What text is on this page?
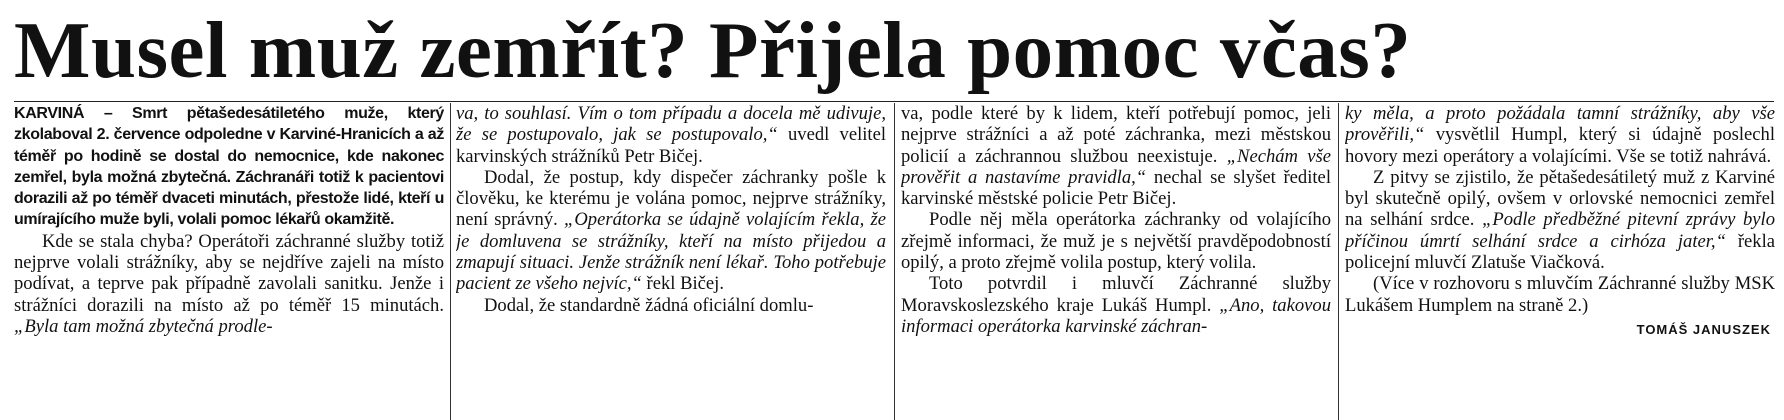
Musel muž zemřít? Přijela pomoc včas?

KARVINÁ – Smrt pětašedesátiletého muže, který zkolaboval 2. července odpoledne v Karviné-Hranicích a až téměř po hodině se dostal do nemocnice, kde nakonec zemřel, byla možná zbytečná. Záchranáři totiž k pacientovi dorazili až po téměř dvaceti minutách, přestože lidé, kteří u umírajícího muže byli, volali pomoc lékařů okamžitě.

Kde se stala chyba? Operátoři záchranné služby totiž nejprve volali strážníky, aby se nejdříve zajeli na místo podívat, a teprve pak případně zavolali sanitku. Jenže i strážníci dorazili na místo až po téměř 15 minutách. „Byla tam možná zbytečná prodle-

va, to souhlasí. Vím o tom případu a docela mě udivuje, že se postupovalo, jak se postupovalo,“ uvedl velitel karvinských strážníků Petr Bičej.

Dodal, že postup, kdy dispečer záchranky pošle k člověku, ke kterému je volána pomoc, nejprve strážníky, není správný. „Operátorka se údajně volajícím řekla, že je domluvena se strážníky, kteří na místo přijedou a zmapují situaci. Jenže strážník není lékař. Toho potřebuje pacient ze všeho nejvíc,“ řekl Bičej.

Dodal, že standardně žádná oficiální domlu-

va, podle které by k lidem, kteří potřebují pomoc, jeli nejprve strážníci a až poté záchranka, mezi městskou policií a záchrannou službou neexistuje. „Nechám vše prověřit a nastavíme pravidla,“ nechal se slyšet ředitel karvinské městské policie Petr Bičej.

Podle něj měla operátorka záchranky od volajícího zřejmě informaci, že muž je s největší pravděpodobností opilý, a proto zřejmě volila postup, který volila.

Toto potvrdil i mluvčí Záchranné služby Moravskoslezského kraje Lukáš Humpl. „Ano, takovou informaci operátorka karvinské záchran-

ky měla, a proto požádala tamní strážníky, aby vše prověřili,“ vysvětlil Humpl, který si údajně poslechl hovory mezi operátory a volajícími. Vše se totiž nahrává.

Z pitvy se zjistilo, že pětašedesátiletý muž z Karviné byl skutečně opilý, ovšem v orlovské nemocnici zemřel na selhání srdce. „Podle předběžné pitevní zprávy bylo příčinou úmrtí selhání srdce a cirhóza jater,“ řekla policejní mluvčí Zlatuše Viačková.

(Více v rozhovoru s mluvčím Záchranné služby MSK Lukášem Humplem na straně 2.)

TOMÁŠ JANUSZEK
